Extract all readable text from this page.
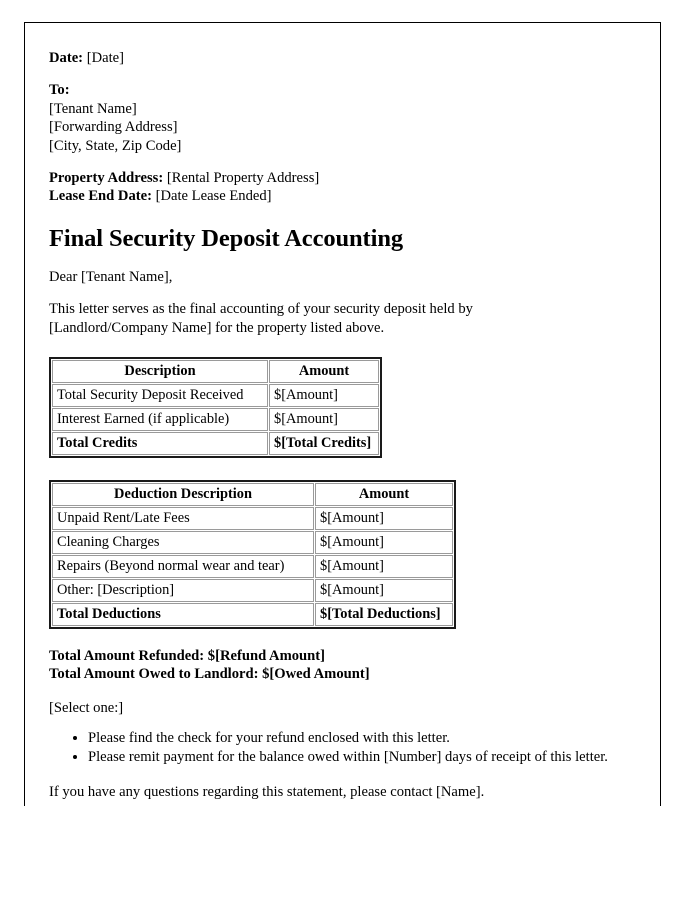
Date: [Date]
To:
[Tenant Name]
[Forwarding Address]
[City, State, Zip Code]
Property Address: [Rental Property Address]
Lease End Date: [Date Lease Ended]
Final Security Deposit Accounting

Dear [Tenant Name],

This letter serves as the final accounting of your security deposit held by [Landlord/Company Name] for the property listed above.

Description	Amount
Total Security Deposit Received	$[Amount]
Interest Earned (if applicable)	$[Amount]
Total Credits	$[Total Credits]
Deduction Description	Amount
Unpaid Rent/Late Fees	$[Amount]
Cleaning Charges	$[Amount]
Repairs (Beyond normal wear and tear)	$[Amount]
Other: [Description]	$[Amount]
Total Deductions	$[Total Deductions]
Total Amount Refunded: $[Refund Amount]
Total Amount Owed to Landlord: $[Owed Amount]
[Select one:]
• Please find the check for your refund enclosed with this letter.
• Please remit payment for the balance owed within [Number] days of receipt of this letter.

If you have any questions regarding this statement, please contact [Name].
